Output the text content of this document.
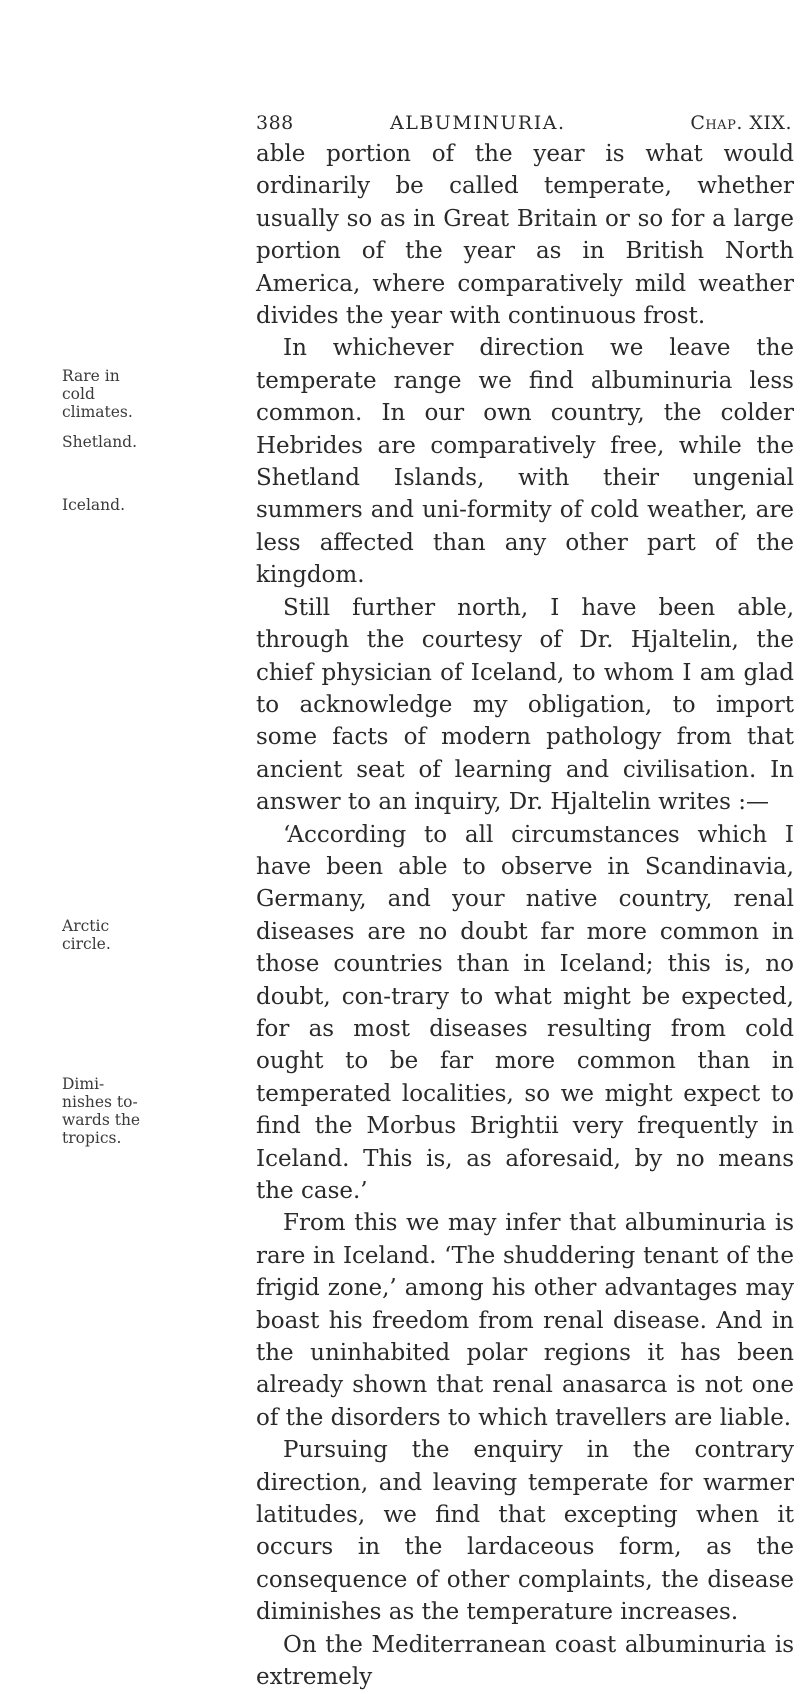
388	ALBUMINURIA.	Chap. XIX.
Rare in cold climates.
Shetland.
Iceland.
Arctic circle.
Dimi-nishes to-wards the tropics.

able portion of the year is what would ordinarily be called temperate, whether usually so as in Great Britain or so for a large portion of the year as in British North America, where comparatively mild weather divides the year with continuous frost.

In whichever direction we leave the temperate range we find albuminuria less common. In our own country, the colder Hebrides are comparatively free, while the Shetland Islands, with their ungenial summers and uni-formity of cold weather, are less affected than any other part of the kingdom.

Still further north, I have been able, through the courtesy of Dr. Hjaltelin, the chief physician of Iceland, to whom I am glad to acknowledge my obligation, to import some facts of modern pathology from that ancient seat of learning and civilisation. In answer to an inquiry, Dr. Hjaltelin writes :—

‘According to all circumstances which I have been able to observe in Scandinavia, Germany, and your native country, renal diseases are no doubt far more common in those countries than in Iceland; this is, no doubt, con-trary to what might be expected, for as most diseases resulting from cold ought to be far more common than in temperated localities, so we might expect to find the Morbus Brightii very frequently in Iceland. This is, as aforesaid, by no means the case.’

From this we may infer that albuminuria is rare in Iceland. ‘The shuddering tenant of the frigid zone,’ among his other advantages may boast his freedom from renal disease. And in the uninhabited polar regions it has been already shown that renal anasarca is not one of the disorders to which travellers are liable.

Pursuing the enquiry in the contrary direction, and leaving temperate for warmer latitudes, we find that excepting when it occurs in the lardaceous form, as the consequence of other complaints, the disease diminishes as the temperature increases.

On the Mediterranean coast albuminuria is extremely
